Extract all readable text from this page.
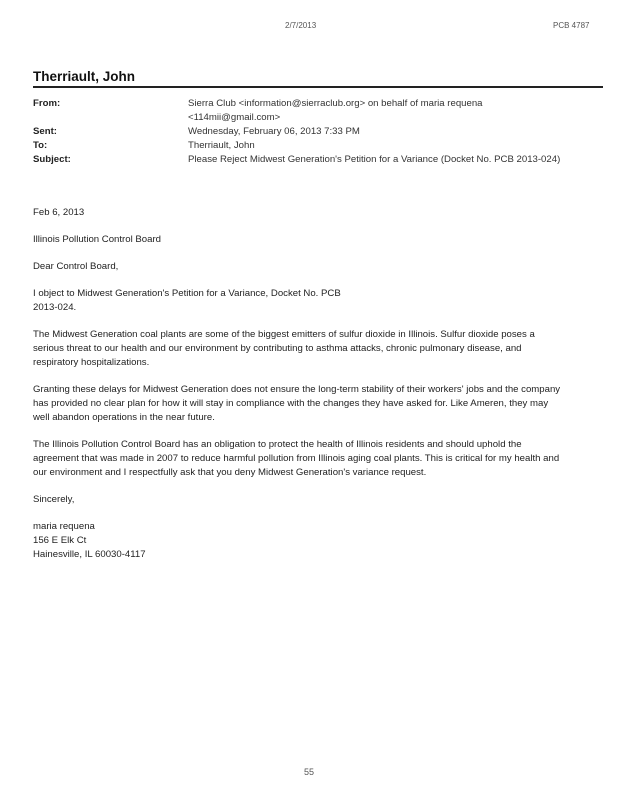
2/7/2013	PCB 4787
Therriault, John
From:	Sierra Club <information@sierraclub.org> on behalf of maria requena
<114mii@gmail.com>
Sent:	Wednesday, February 06, 2013 7:33 PM
To:	Therriault, John
Subject:	Please Reject Midwest Generation's Petition for a Variance (Docket No. PCB 2013-024)

Feb 6, 2013

Illinois Pollution Control Board

Dear Control Board,

I object to Midwest Generation's Petition for a Variance, Docket No. PCB 2013-024.

The Midwest Generation coal plants are some of the biggest emitters of sulfur dioxide in Illinois. Sulfur dioxide poses a serious threat to our health and our environment by contributing to asthma attacks, chronic pulmonary disease, and respiratory hospitalizations.

Granting these delays for Midwest Generation does not ensure the long-term stability of their workers' jobs and the company has provided no clear plan for how it will stay in compliance with the changes they have asked for. Like Ameren, they may well abandon operations in the near future.

The Illinois Pollution Control Board has an obligation to protect the health of Illinois residents and should uphold the agreement that was made in 2007 to reduce harmful pollution from Illinois aging coal plants. This is critical for my health and our environment and I respectfully ask that you deny Midwest Generation's variance request.

Sincerely,

maria requena

156 E Elk Ct

Hainesville, IL 60030-4117

55
